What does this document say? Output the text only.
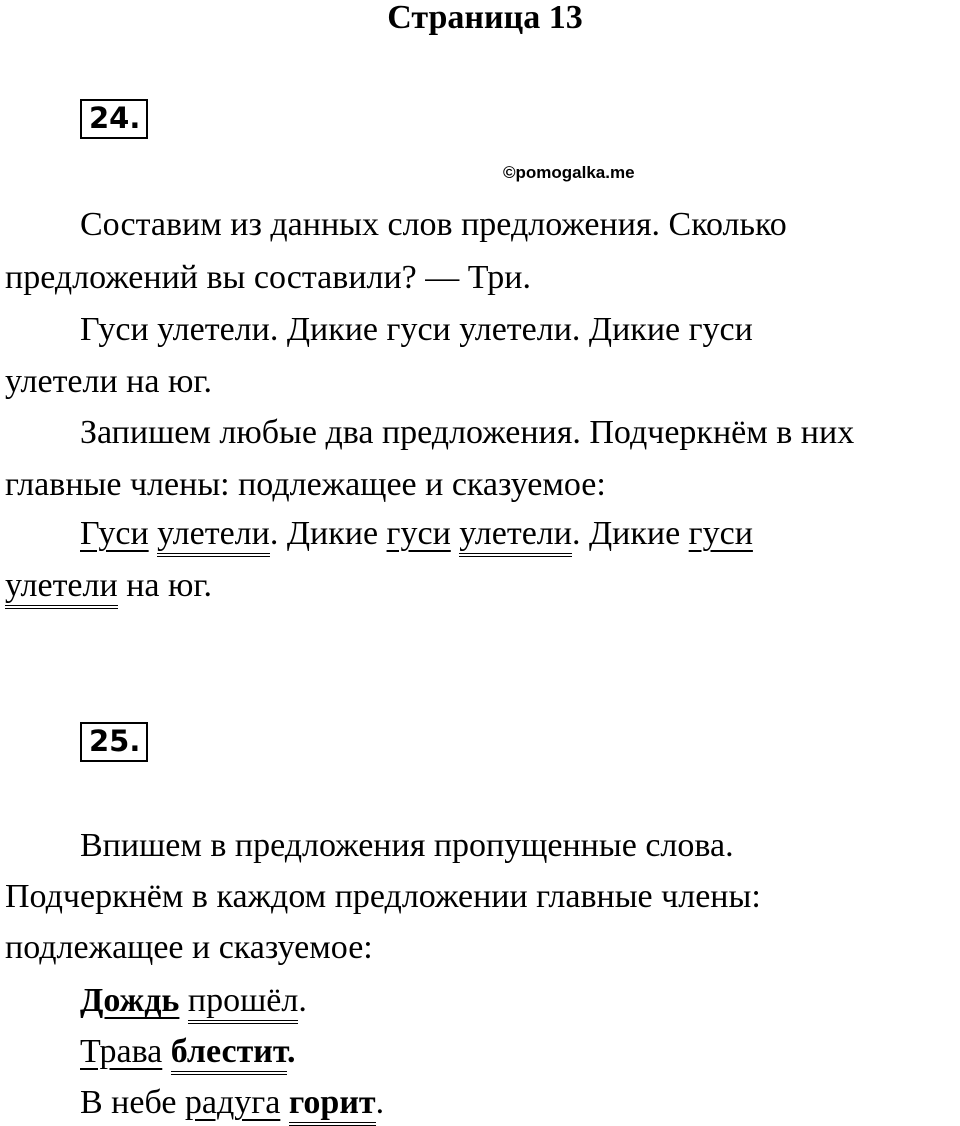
Страница 13
24.
©pomogalka.me
Составим из данных слов предложения. Сколько
предложений вы составили? — Три.
Гуси улетели. Дикие гуси улетели. Дикие гуси
улетели на юг.
Запишем любые два предложения. Подчеркнём в них
главные члены: подлежащее и сказуемое:
Гуси улетели. Дикие гуси улетели. Дикие гуси
улетели на юг.
25.
Впишем в предложения пропущенные слова.
Подчеркнём в каждом предложении главные члены:
подлежащее и сказуемое:
Дождь прошёл.
Трава блестит.
В небе радуга горит.
